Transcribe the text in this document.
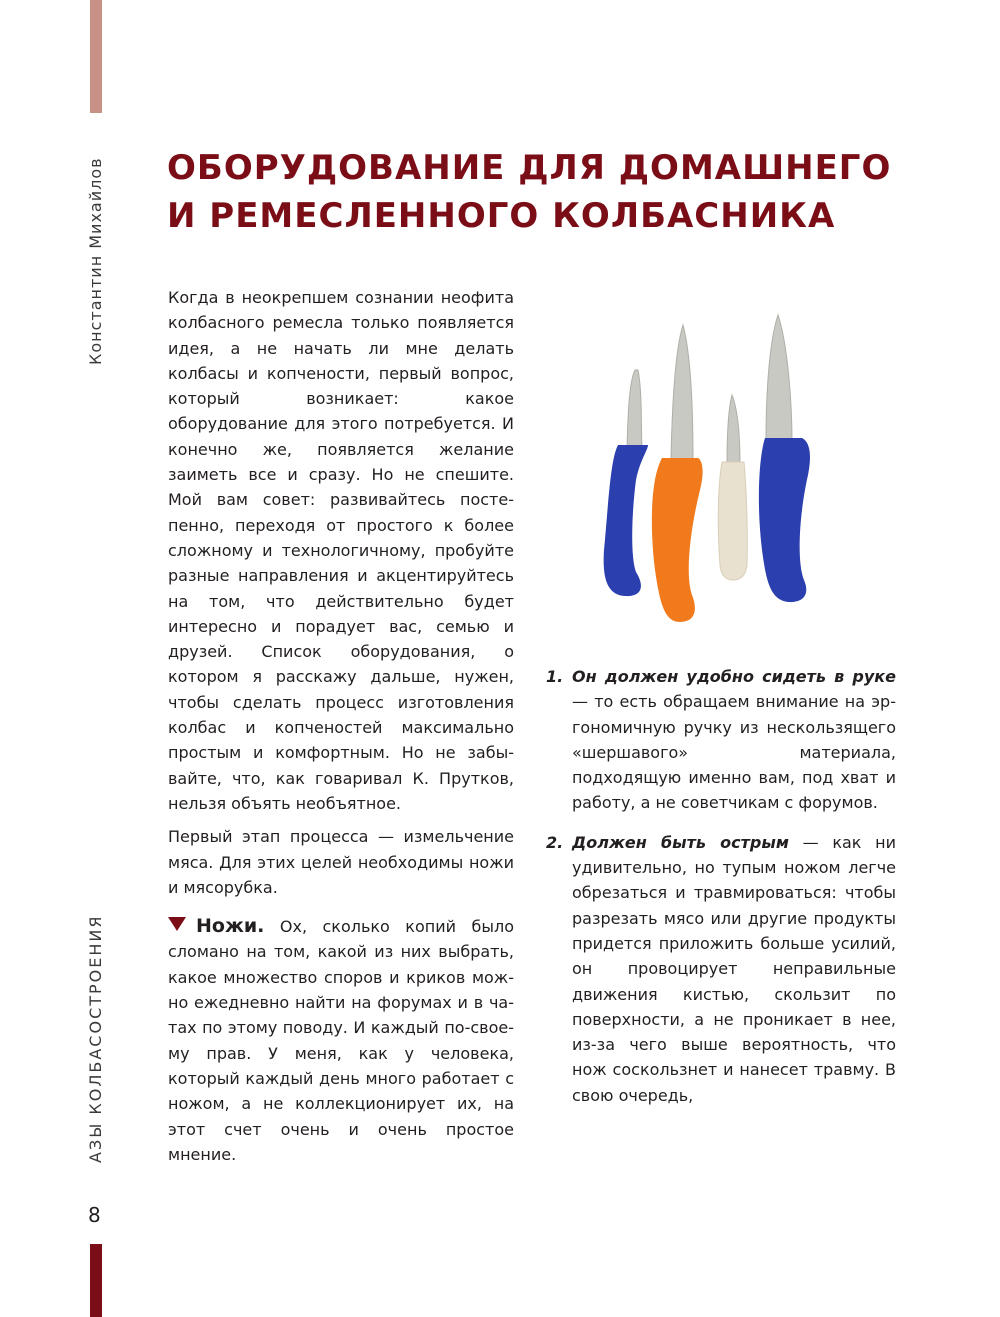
Константин Михайлов
АЗЫ КОЛБАСОСТРОЕНИЯ
8
ОБОРУДОВАНИЕ ДЛЯ ДОМАШНЕГО
И РЕМЕСЛЕННОГО КОЛБАСНИКА

Когда в неокрепшем сознании неофита колбасного ремесла только появляется идея, а не начать ли мне делать колбасы и копчености, первый вопрос, который возникает: какое оборудование для этого потребуется. И конечно же, появляется желание заиметь все и сразу. Но не спешите. Мой вам совет: развивайтесь постепенно, переходя от простого к более сложному и технологичному, пробуйте разные направления и акцентируйтесь на том, что действительно будет интересно и порадует вас, семью и друзей. Список оборудования, о котором я расскажу дальше, нужен, чтобы сделать процесс изготовления колбас и копченостей максимально простым и комфортным. Но не забывайте, что, как говаривал К. Прутков, нельзя объять необъятное.

Первый этап процесса — измельчение мяса. Для этих целей необходимы ножи и мясорубка.

Ножи. Ох, сколько копий было сломано на том, какой из них выбрать, какое множество споров и криков можно ежедневно найти на форумах и в чатах по этому поводу. И каждый по-своему прав. У меня, как у человека, который каждый день много работает с ножом, а не коллекционирует их, на этот счет очень и очень простое мнение.

1. Он должен удобно сидеть в руке — то есть обращаем внимание на эргономичную ручку из нескользящего «шершавого» материала, подходящую именно вам, под хват и работу, а не советчикам с форумов.
2. Должен быть острым — как ни удивительно, но тупым ножом легче обрезаться и травмироваться: чтобы разрезать мясо или другие продукты придется приложить больше усилий, он провоцирует неправильные движения кистью, скользит по поверхности, а не проникает в нее, из-за чего выше вероятность, что нож соскользнет и нанесет травму. В свою очередь,
